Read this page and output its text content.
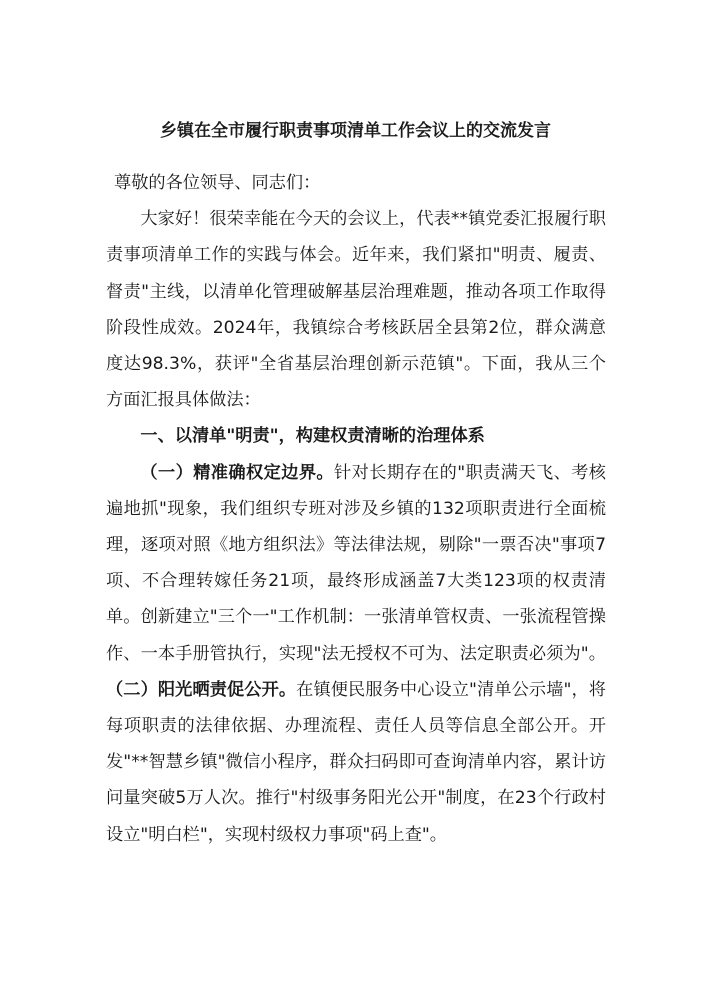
乡镇在全市履行职责事项清单工作会议上的交流发言

尊敬的各位领导、同志们：

大家好！很荣幸能在今天的会议上，代表**镇党委汇报履行职责事项清单工作的实践与体会。近年来，我们紧扣"明责、履责、督责"主线，以清单化管理破解基层治理难题，推动各项工作取得阶段性成效。2024年，我镇综合考核跃居全县第2位，群众满意度达98.3%，获评"全省基层治理创新示范镇"。下面，我从三个方面汇报具体做法：

一、以清单"明责"，构建权责清晰的治理体系

（一）精准确权定边界。针对长期存在的"职责满天飞、考核遍地抓"现象，我们组织专班对涉及乡镇的132项职责进行全面梳理，逐项对照《地方组织法》等法律法规，剔除"一票否决"事项7项、不合理转嫁任务21项，最终形成涵盖7大类123项的权责清单。创新建立"三个一"工作机制：一张清单管权责、一张流程管操作、一本手册管执行，实现"法无授权不可为、法定职责必须为"。（二）阳光晒责促公开。在镇便民服务中心设立"清单公示墙"，将每项职责的法律依据、办理流程、责任人员等信息全部公开。开发"**智慧乡镇"微信小程序，群众扫码即可查询清单内容，累计访问量突破5万人次。推行"村级事务阳光公开"制度，在23个行政村设立"明白栏"，实现村级权力事项"码上查"。
